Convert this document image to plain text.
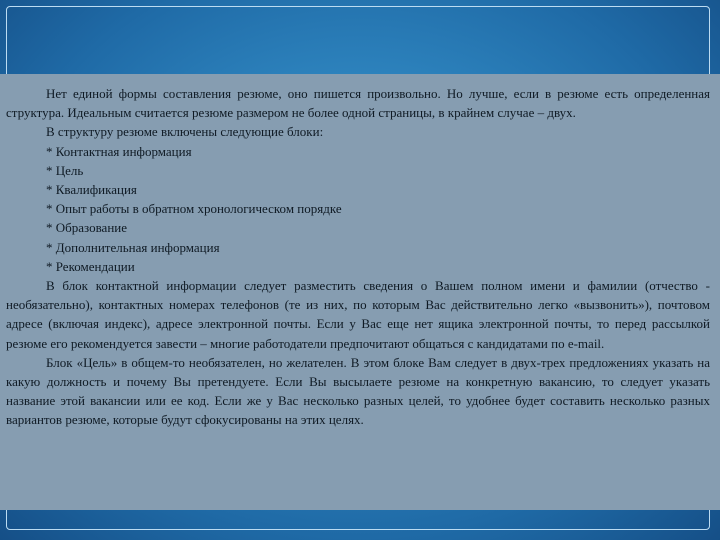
Нет единой формы составления резюме, оно пишется произвольно. Но лучше, если в резюме есть определенная структура. Идеальным считается резюме размером не более одной страницы, в крайнем случае – двух.

В структуру резюме включены следующие блоки:

* Контактная информация

* Цель

* Квалификация

* Опыт работы в обратном хронологическом порядке

* Образование

* Дополнительная информация

* Рекомендации

В блок контактной информации следует разместить сведения о Вашем полном имени и фамилии (отчество - необязательно), контактных номерах телефонов (те из них, по которым Вас действительно легко «вызвонить»), почтовом адресе (включая индекс), адресе электронной почты. Если у Вас еще нет ящика электронной почты, то перед рассылкой резюме его рекомендуется завести – многие работодатели предпочитают общаться с кандидатами по e-mail.

Блок «Цель» в общем-то необязателен, но желателен. В этом блоке Вам следует в двух-трех предложениях указать на какую должность и почему Вы претендуете. Если Вы высылаете резюме на конкретную вакансию, то следует указать название этой вакансии или ее код. Если же у Вас несколько разных целей, то удобнее будет составить несколько разных вариантов резюме, которые будут сфокусированы на этих целях.
